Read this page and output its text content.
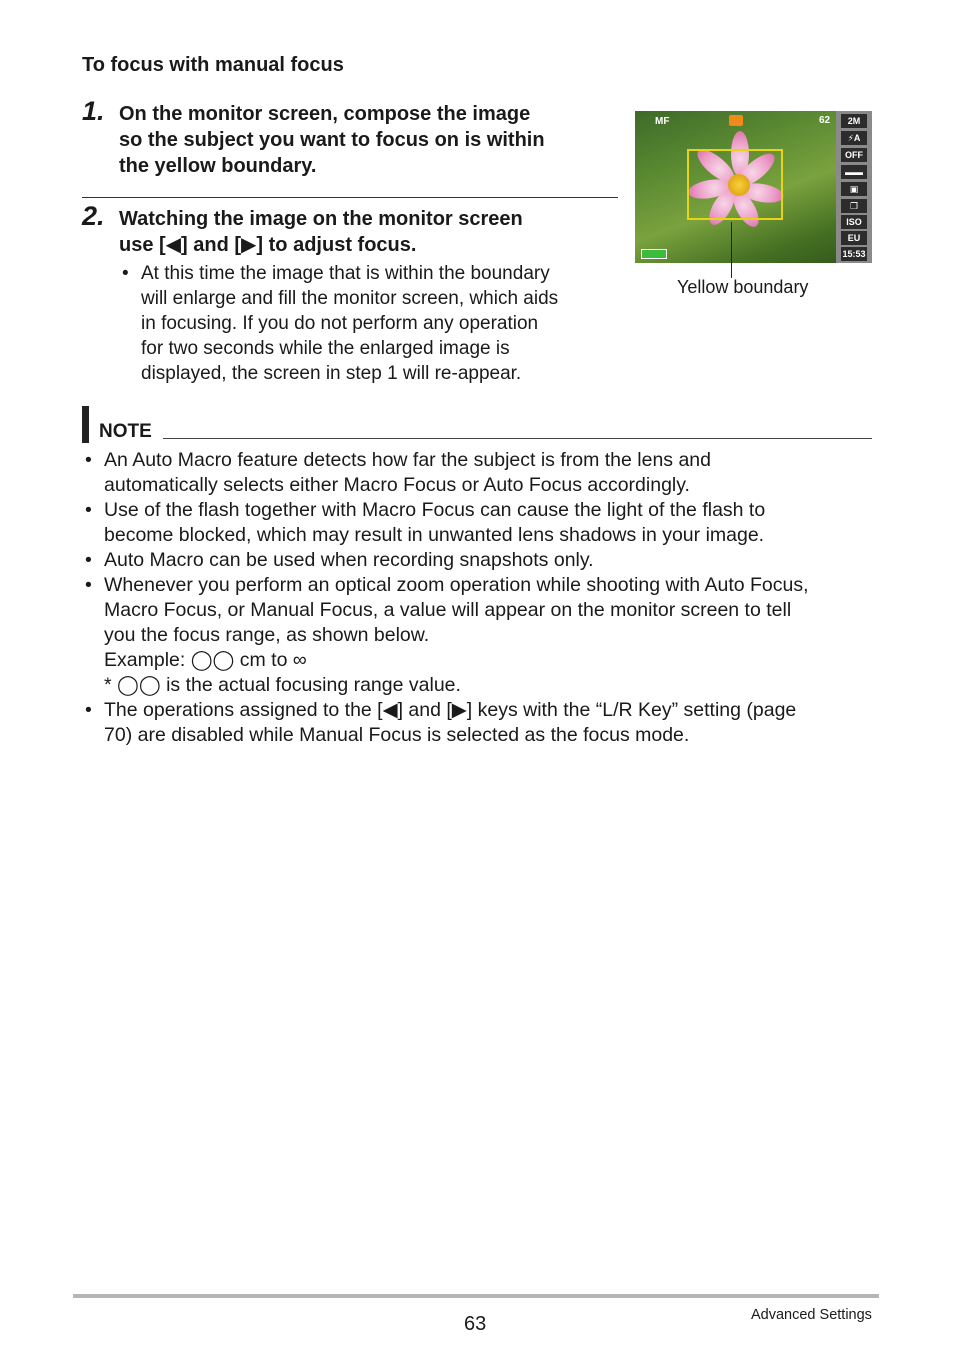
To focus with manual focus
1. On the monitor screen, compose the image
so the subject you want to focus on is within
the yellow boundary.
2. Watching the image on the monitor screen
use [◀] and [▶] to adjust focus.
• At this time the image that is within the boundary
will enlarge and fill the monitor screen, which aids
in focusing. If you do not perform any operation
for two seconds while the enlarged image is
displayed, the screen in step 1 will re-appear.
MF	62	2M
⚡A
OFF
▬▬
▣
❐
ISO
EU
15:53
Yellow boundary
NOTE
• An Auto Macro feature detects how far the subject is from the lens and
automatically selects either Macro Focus or Auto Focus accordingly.
• Use of the flash together with Macro Focus can cause the light of the flash to
become blocked, which may result in unwanted lens shadows in your image.
• Auto Macro can be used when recording snapshots only.
• Whenever you perform an optical zoom operation while shooting with Auto Focus,
Macro Focus, or Manual Focus, a value will appear on the monitor screen to tell
you the focus range, as shown below.
Example: ◯◯ cm to ∞
* ◯◯ is the actual focusing range value.
• The operations assigned to the [◀] and [▶] keys with the “L/R Key” setting (page
70) are disabled while Manual Focus is selected as the focus mode.
63	Advanced Settings
